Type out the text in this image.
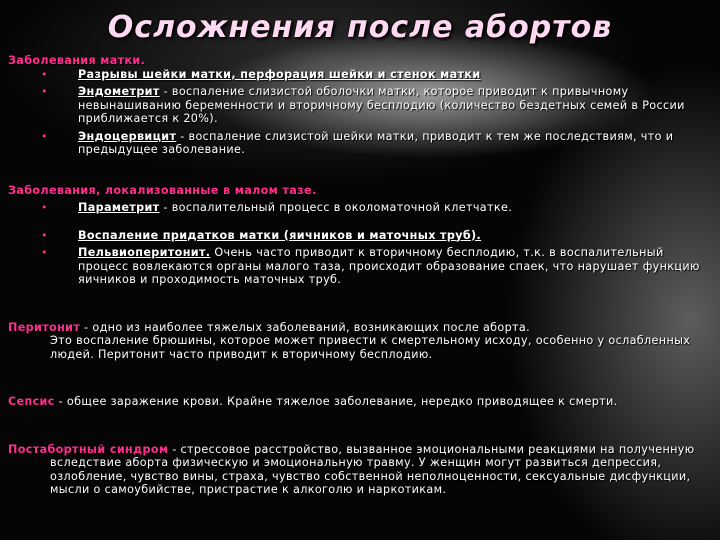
Осложнения после абортов
Заболевания матки.
•	Разрывы шейки матки, перфорация шейки и стенок матки
•	Эндометрит - воспаление слизистой оболочки матки, которое приводит к привычному невынашиванию беременности и вторичному бесплодию (количество бездетных семей в России приближается к 20%).
•	Эндоцервицит - воспаление слизистой шейки матки, приводит к тем же последствиям, что и предыдущее заболевание.
Заболевания, локализованные в малом тазе.
•	Параметрит - воспалительный процесс в околоматочной клетчатке.
•	Воспаление придатков матки (яичников и маточных труб).
•	Пельвиоперитонит. Очень часто приводит к вторичному бесплодию, т.к. в воспалительный процесс вовлекаются органы малого таза, происходит образование спаек, что нарушает функцию яичников и проходимость маточных труб.
Перитонит - одно из наиболее тяжелых заболеваний, возникающих после аборта.
Это воспаление брюшины, которое может привести к смертельному исходу, особенно у ослабленных людей. Перитонит часто приводит к вторичному бесплодию.
Сепсис - общее заражение крови. Крайне тяжелое заболевание, нередко приводящее к смерти.
Постабортный синдром - стрессовое расстройство, вызванное эмоциональными реакциями на полученную вследствие аборта физическую и эмоциональную травму. У женщин могут развиться депрессия, озлобление, чувство вины, страха, чувство собственной неполноценности, сексуальные дисфункции, мысли о самоубийстве, пристрастие к алкоголю и наркотикам.
